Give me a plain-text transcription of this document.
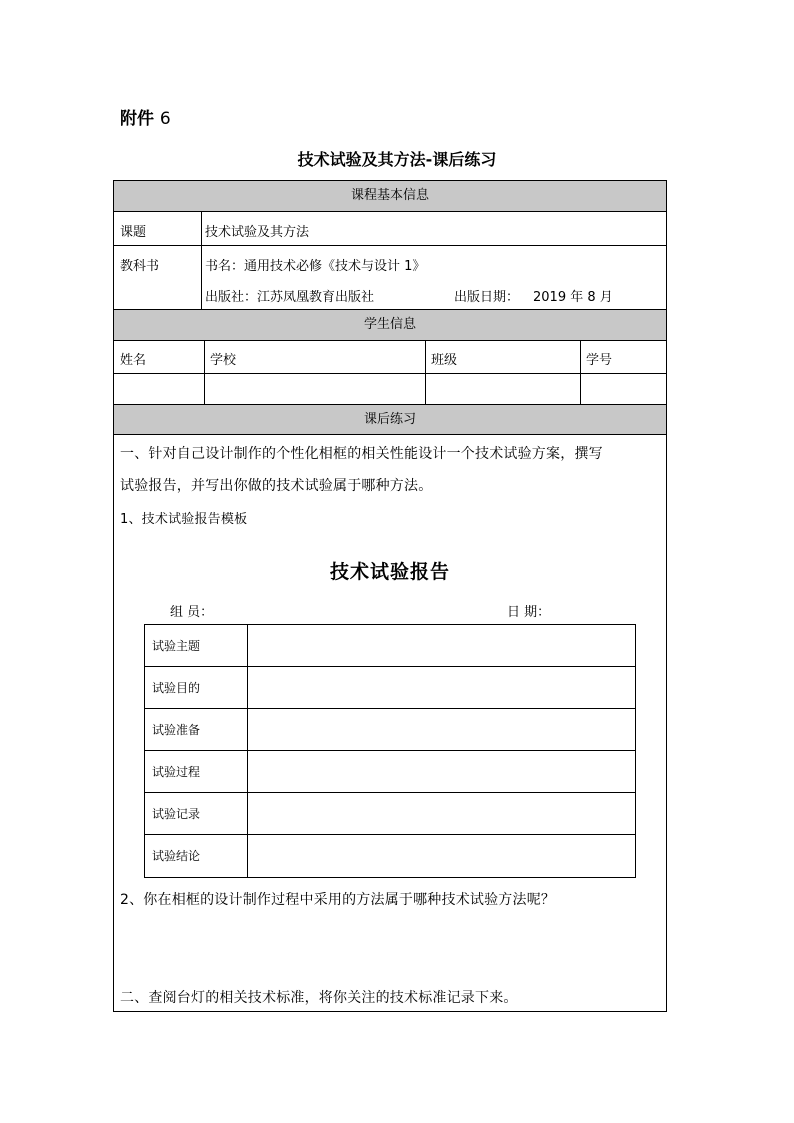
附件 6
技术试验及其方法-课后练习
课程基本信息
课题	技术试验及其方法
教科书	书名：通用技术必修《技术与设计 1》
出版社：江苏凤凰教育出版社	出版日期： 2019 年 8 月
学生信息
姓名	学校	班级	学号
课后练习
一、针对自己设计制作的个性化相框的相关性能设计一个技术试验方案，撰写
试验报告，并写出你做的技术试验属于哪种方法。
1、技术试验报告模板
技术试验报告
组 员：	日 期：
试验主题
试验目的
试验准备
试验过程
试验记录
试验结论
2、你在相框的设计制作过程中采用的方法属于哪种技术试验方法呢？
二、查阅台灯的相关技术标准，将你关注的技术标准记录下来。
